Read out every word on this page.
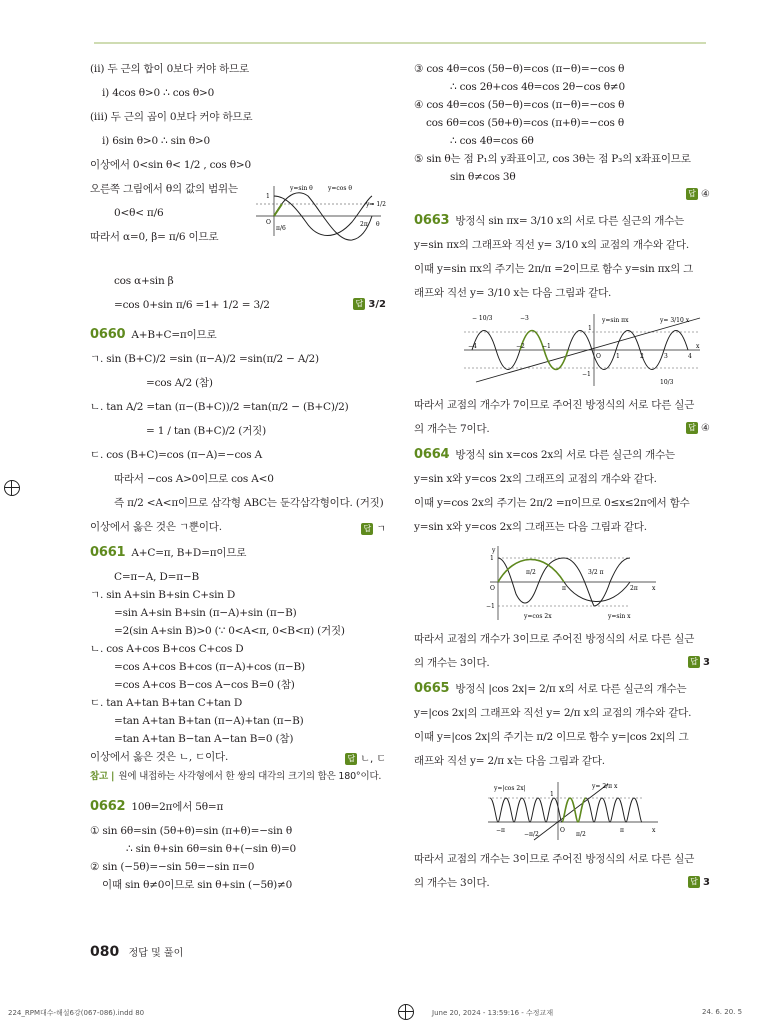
(ⅱ) 두 근의 합이 0보다 커야 하므로
ⅰ) 4cos θ>0 ∴ cos θ>0
(ⅲ) 두 근의 곱이 0보다 커야 하므로
ⅰ) 6sin θ>0 ∴ sin θ>0
이상에서 0<sin θ< 1/2 , cos θ>0
오른쪽 그림에서 θ의 값의 범위는
0<θ< π/6
따라서 α=0, β= π/6 이므로
y=sin θ	y=cos θ
y= 1/2
1
O
π/6
2π θ
cos α+sin β
=cos 0+sin π/6 =1+ 1/2 = 3/2	답 3/2
0660 A+B+C=π이므로
ㄱ. sin (B+C)/2 =sin (π−A)/2 =sin(π/2 − A/2)
=cos A/2 (참)
ㄴ. tan A/2 =tan (π−(B+C))/2 =tan(π/2 − (B+C)/2)
= 1 / tan (B+C)/2 (거짓)
ㄷ. cos (B+C)=cos (π−A)=−cos A
따라서 −cos A>0이므로 cos A<0
즉 π/2 <A<π이므로 삼각형 ABC는 둔각삼각형이다. (거짓)
이상에서 옳은 것은 ㄱ뿐이다.	답 ㄱ
0661 A+C=π, B+D=π이므로
C=π−A, D=π−B
ㄱ. sin A+sin B+sin C+sin D
=sin A+sin B+sin (π−A)+sin (π−B)
=2(sin A+sin B)>0 (∵ 0<A<π, 0<B<π) (거짓)
ㄴ. cos A+cos B+cos C+cos D
=cos A+cos B+cos (π−A)+cos (π−B)
=cos A+cos B−cos A−cos B=0 (참)
ㄷ. tan A+tan B+tan C+tan D
=tan A+tan B+tan (π−A)+tan (π−B)
=tan A+tan B−tan A−tan B=0 (참)
이상에서 옳은 것은 ㄴ, ㄷ이다.	답 ㄴ, ㄷ
참고 | 원에 내접하는 사각형에서 한 쌍의 대각의 크기의 합은 180°이다.
0662 10θ=2π에서 5θ=π
① sin 6θ=sin (5θ+θ)=sin (π+θ)=−sin θ
∴ sin θ+sin 6θ=sin θ+(−sin θ)=0
② sin (−5θ)=−sin 5θ=−sin π=0
이때 sin θ≠0이므로 sin θ+sin (−5θ)≠0
③ cos 4θ=cos (5θ−θ)=cos (π−θ)=−cos θ
∴ cos 2θ+cos 4θ=cos 2θ−cos θ≠0
④ cos 4θ=cos (5θ−θ)=cos (π−θ)=−cos θ
cos 6θ=cos (5θ+θ)=cos (π+θ)=−cos θ
∴ cos 4θ=cos 6θ
⑤ sin θ는 점 P₁의 y좌표이고, cos 3θ는 점 P₃의 x좌표이므로
sin θ≠cos 3θ
답 ④
0663 방정식 sin πx= 3/10 x의 서로 다른 실근의 개수는
y=sin πx의 그래프와 직선 y= 3/10 x의 교점의 개수와 같다.
이때 y=sin πx의 주기는 2π/π =2이므로 함수 y=sin πx의 그
래프와 직선 y= 3/10 x는 다음 그림과 같다.
− 10/3	−3
1
y=sin πx	y= 3/10 x
−4	−2	−1
O	1	2	3	4
x
−1
10/3
따라서 교점의 개수가 7이므로 주어진 방정식의 서로 다른 실근
의 개수는 7이다.	답 ④
0664 방정식 sin x=cos 2x의 서로 다른 실근의 개수는
y=sin x와 y=cos 2x의 그래프의 교점의 개수와 같다.
이때 y=cos 2x의 주기는 2π/2 =π이므로 0≤x≤2π에서 함수
y=sin x와 y=cos 2x의 그래프는 다음 그림과 같다.
y
1
π/2	3/2 π
O	π	2π x
−1
y=cos 2x	y=sin x
따라서 교점의 개수가 3이므로 주어진 방정식의 서로 다른 실근
의 개수는 3이다.	답 3
0665 방정식 |cos 2x|= 2/π x의 서로 다른 실근의 개수는
y=|cos 2x|의 그래프와 직선 y= 2/π x의 교점의 개수와 같다.
이때 y=|cos 2x|의 주기는 π/2 이므로 함수 y=|cos 2x|의 그
래프와 직선 y= 2/π x는 다음 그림과 같다.
y=|cos 2x|
1
y= 2/π x
−π
−π/2
O
π/2
π	x
따라서 교점의 개수는 3이므로 주어진 방정식의 서로 다른 실근
의 개수는 3이다.	답 3
080 정답 및 풀이
224_RPM대수-해설6강(067-086).indd 80	June 20, 2024 - 13:59:16 - 수정교재	24. 6. 20. 5
